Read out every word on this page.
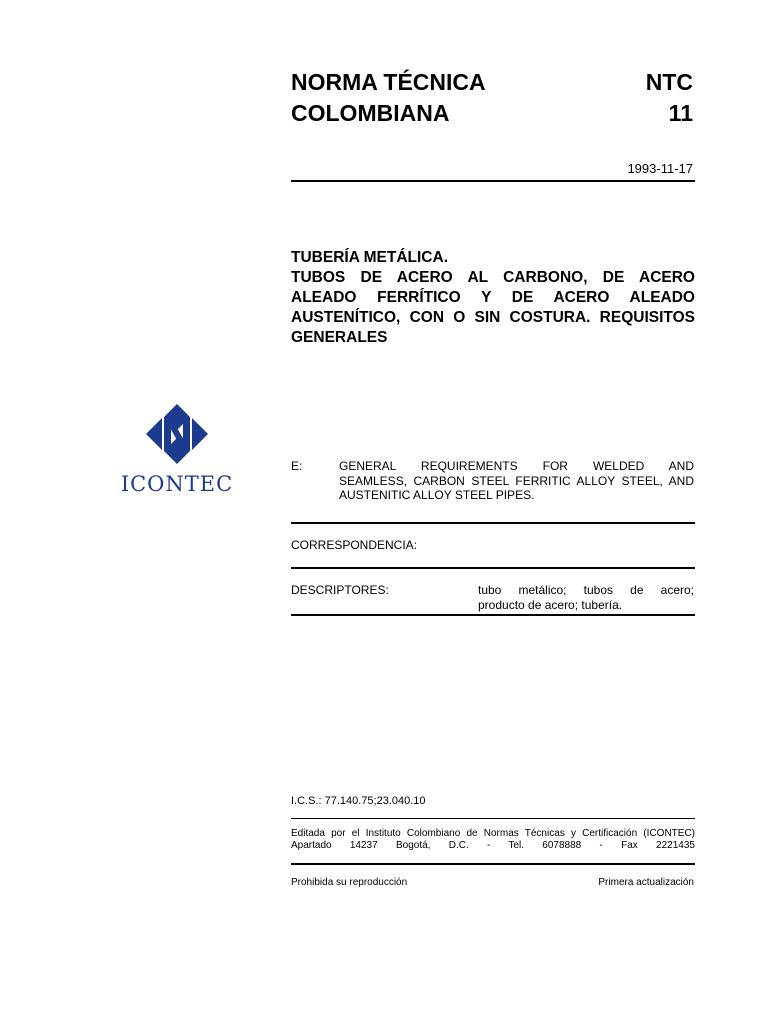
NORMA TÉCNICA
COLOMBIANA
NTC
11
1993-11-17
TUBERÍA METÁLICA.
TUBOS DE ACERO AL CARBONO, DE ACERO
ALEADO FERRÍTICO Y DE ACERO ALEADO
AUSTENÍTICO, CON O SIN COSTURA. REQUISITOS
GENERALES
ICONTEC
E:	GENERAL REQUIREMENTS FOR WELDED AND
SEAMLESS, CARBON STEEL FERRITIC ALLOY STEEL, AND
AUSTENITIC ALLOY STEEL PIPES.
CORRESPONDENCIA:
DESCRIPTORES:	tubo metálico; tubos de acero;
producto de acero; tubería.
I.C.S.: 77.140.75;23.040.10
Editada por el Instituto Colombiano de Normas Técnicas y Certificación (ICONTEC)
Apartado 14237 Bogotá, D.C. - Tel. 6078888 - Fax 2221435
Prohibida su reproducción	Primera actualización
